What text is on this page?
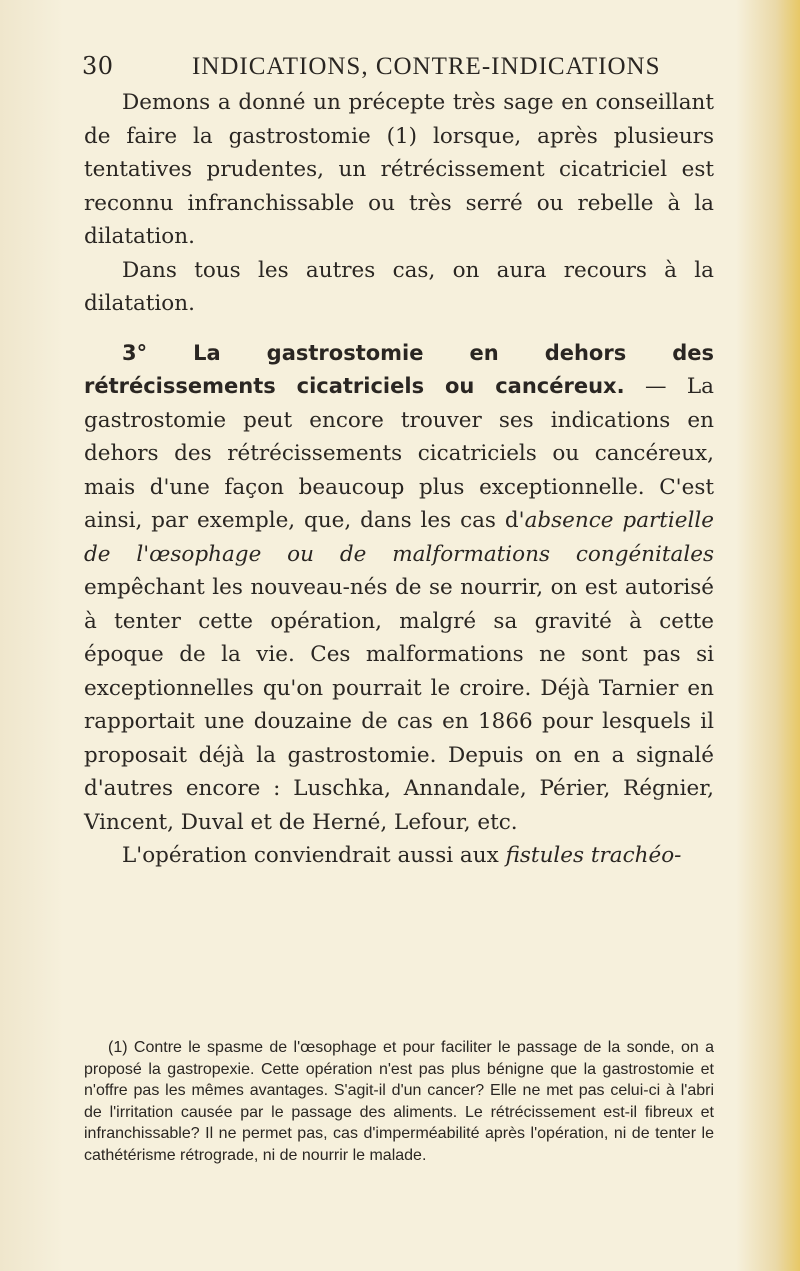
30	INDICATIONS, CONTRE-INDICATIONS

Demons a donné un précepte très sage en conseillant de faire la gastrostomie (1) lorsque, après plusieurs tentatives prudentes, un rétrécissement cicatriciel est reconnu infranchissable ou très serré ou rebelle à la dilatation.

Dans tous les autres cas, on aura recours à la dilatation.

3° La gastrostomie en dehors des rétrécissements cicatriciels ou cancéreux. — La gastrostomie peut encore trouver ses indications en dehors des rétrécissements cicatriciels ou cancéreux, mais d'une façon beaucoup plus exceptionnelle. C'est ainsi, par exemple, que, dans les cas d'absence partielle de l'œsophage ou de malformations congénitales empêchant les nouveau-nés de se nourrir, on est autorisé à tenter cette opération, malgré sa gravité à cette époque de la vie. Ces malformations ne sont pas si exceptionnelles qu'on pourrait le croire. Déjà Tarnier en rapportait une douzaine de cas en 1866 pour lesquels il proposait déjà la gastrostomie. Depuis on en a signalé d'autres encore : Luschka, Annandale, Périer, Régnier, Vincent, Duval et de Herné, Lefour, etc.

L'opération conviendrait aussi aux fistules trachéo-

(1) Contre le spasme de l'œsophage et pour faciliter le passage de la sonde, on a proposé la gastropexie. Cette opération n'est pas plus bénigne que la gastrostomie et n'offre pas les mêmes avantages. S'agit-il d'un cancer? Elle ne met pas celui-ci à l'abri de l'irritation causée par le passage des aliments. Le rétrécissement est-il fibreux et infranchissable? Il ne permet pas, cas d'imperméabilité après l'opération, ni de tenter le cathétérisme rétrograde, ni de nourrir le malade.
